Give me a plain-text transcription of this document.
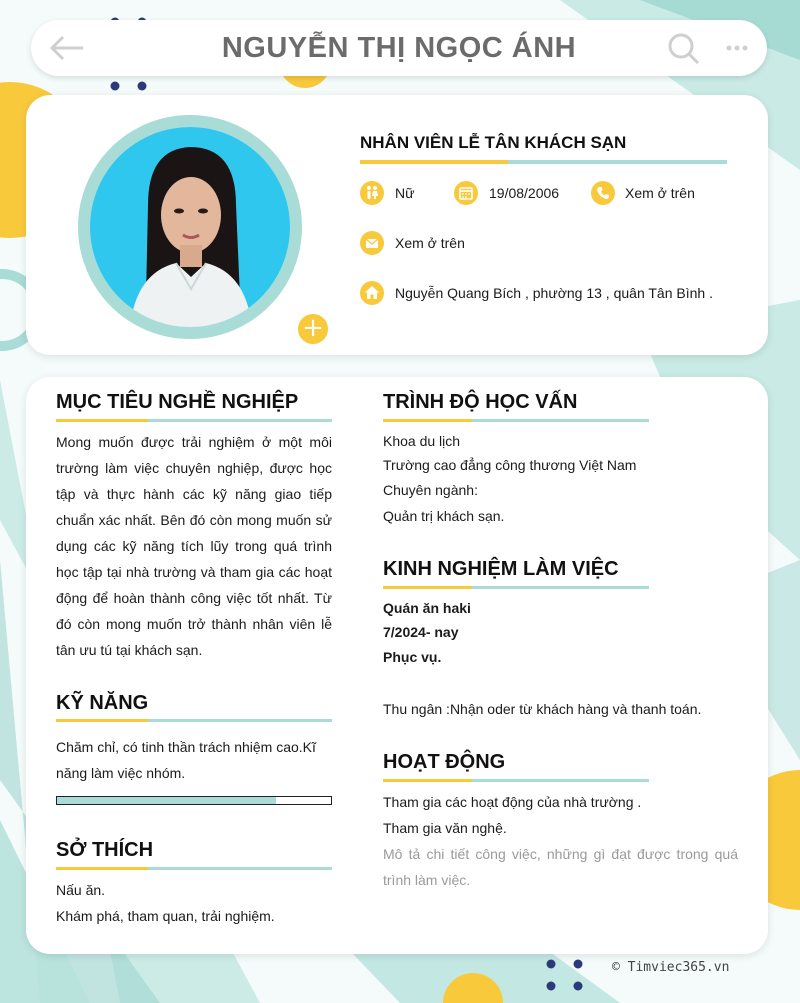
NGUYỄN THỊ NGỌC ÁNH
+
NHÂN VIÊN LỄ TÂN KHÁCH SẠN
Nữ	19/08/2006	Xem ở trên
Xem ở trên
Nguyễn Quang Bích , phường 13 , quân Tân Bình .
MỤC TIÊU NGHỀ NGHIỆP
Mong muốn được trải nghiệm ở một môi trường làm việc chuyên nghiệp, được học tập và thực hành các kỹ năng giao tiếp chuẩn xác nhất. Bên đó còn mong muốn sử dụng các kỹ năng tích lũy trong quá trình học tập tại nhà trường và tham gia các hoạt động để hoàn thành công việc tốt nhất. Từ đó còn mong muốn trở thành nhân viên lễ tân ưu tú tại khách sạn.
KỸ NĂNG
Chăm chỉ, có tinh thần trách nhiệm cao.Kĩ năng làm việc nhóm.
SỞ THÍCH
Nấu ăn.
Khám phá, tham quan, trải nghiệm.
TRÌNH ĐỘ HỌC VẤN
Khoa du lịch
Trường cao đẳng công thương Việt Nam
Chuyên ngành:
Quản trị khách sạn.
KINH NGHIỆM LÀM VIỆC
Quán ăn haki
7/2024- nay
Phục vụ.
Thu ngân :Nhận oder từ khách hàng và thanh toán.
HOẠT ĐỘNG
Tham gia các hoạt động của nhà trường .
Tham gia văn nghệ.
Mô tả chi tiết công việc, những gì đạt được trong quá trình làm việc.
© Timviec365.vn
